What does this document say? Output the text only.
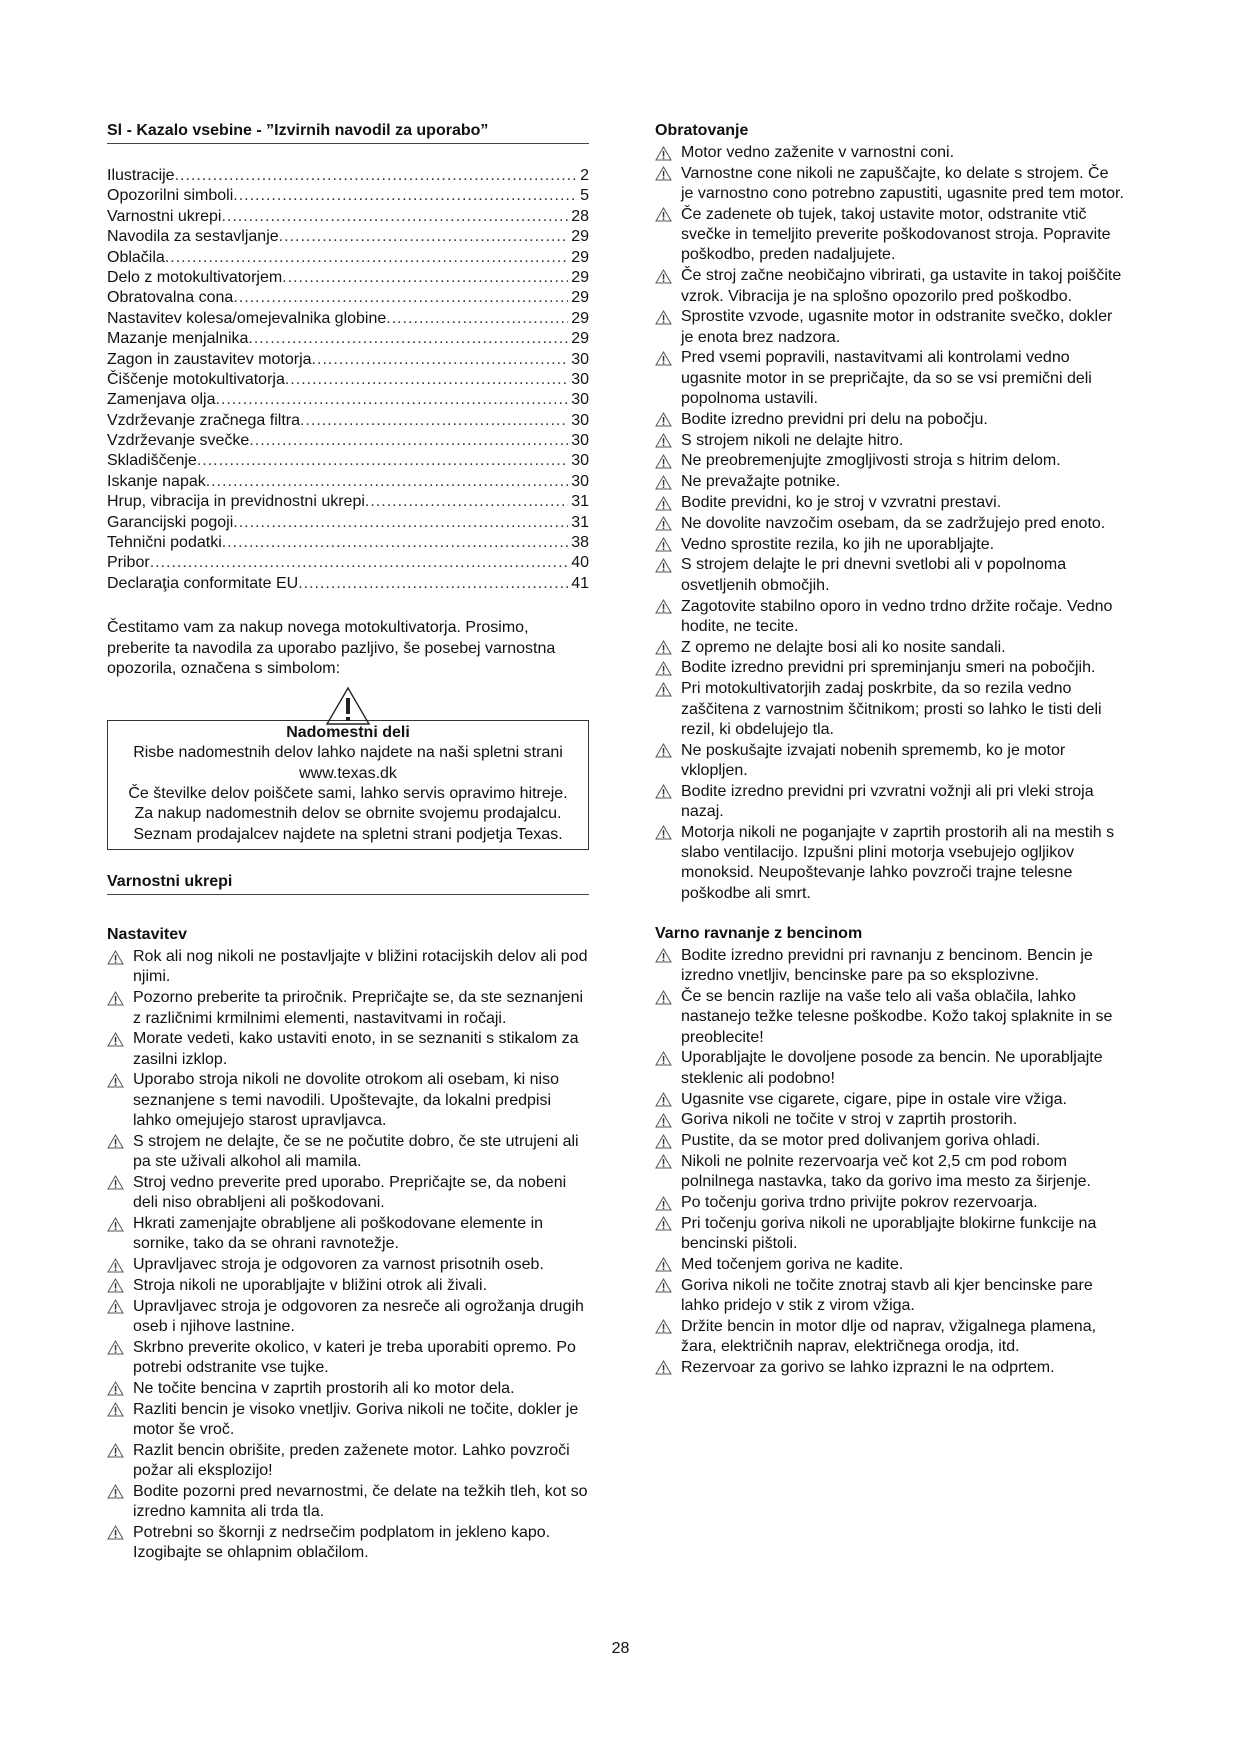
Sl - Kazalo vsebine - ”Izvirnih navodil za uporabo”
Ilustracije .....	2
Opozorilni simboli .....	5
Varnostni ukrepi .....	28
Navodila za sestavljanje .....	29
Oblačila .....	29
Delo z motokultivatorjem .....	29
Obratovalna cona .....	29
Nastavitev kolesa/omejevalnika globine .....	29
Mazanje menjalnika .....	29
Zagon in zaustavitev motorja .....	30
Čiščenje motokultivatorja .....	30
Zamenjava olja .....	30
Vzdrževanje zračnega filtra .....	30
Vzdrževanje svečke .....	30
Skladiščenje .....	30
Iskanje napak .....	30
Hrup, vibracija in previdnostni ukrepi .....	31
Garancijski pogoji .....	31
Tehnični podatki .....	38
Pribor .....	40
Declaraţia conformitate EU .....	41
Čestitamo vam za nakup novega motokultivatorja. Prosimo, preberite ta navodila za uporabo pazljivo, še posebej varnostna opozorila, označena s simbolom:
Nadomestni deli
Risbe nadomestnih delov lahko najdete na naši spletni strani www.texas.dk
Če številke delov poiščete sami, lahko servis opravimo hitreje.
Za nakup nadomestnih delov se obrnite svojemu prodajalcu. Seznam prodajalcev najdete na spletni strani podjetja Texas.
Varnostni ukrepi
Nastavitev
Rok ali nog nikoli ne postavljajte v bližini rotacijskih delov ali pod njimi.
Pozorno preberite ta priročnik. Prepričajte se, da ste seznanjeni z različnimi krmilnimi elementi, nastavitvami in ročaji.
Morate vedeti, kako ustaviti enoto, in se seznaniti s stikalom za zasilni izklop.
Uporabo stroja nikoli ne dovolite otrokom ali osebam, ki niso seznanjene s temi navodili. Upoštevajte, da lokalni predpisi lahko omejujejo starost upravljavca.
S strojem ne delajte, če se ne počutite dobro, če ste utrujeni ali pa ste uživali alkohol ali mamila.
Stroj vedno preverite pred uporabo. Prepričajte se, da nobeni deli niso obrabljeni ali poškodovani.
Hkrati zamenjajte obrabljene ali poškodovane elemente in sornike, tako da se ohrani ravnotežje.
Upravljavec stroja je odgovoren za varnost prisotnih oseb.
Stroja nikoli ne uporabljajte v bližini otrok ali živali.
Upravljavec stroja je odgovoren za nesreče ali ogrožanja drugih oseb i njihove lastnine.
Skrbno preverite okolico, v kateri je treba uporabiti opremo. Po potrebi odstranite vse tujke.
Ne točite bencina v zaprtih prostorih ali ko motor dela.
Razliti bencin je visoko vnetljiv. Goriva nikoli ne točite, dokler je motor še vroč.
Razlit bencin obrišite, preden zaženete motor. Lahko povzroči požar ali eksplozijo!
Bodite pozorni pred nevarnostmi, če delate na težkih tleh, kot so izredno kamnita ali trda tla.
Potrebni so škornji z nedrsečim podplatom in jekleno kapo. Izogibajte se ohlapnim oblačilom.
Obratovanje
Motor vedno zaženite v varnostni coni.
Varnostne cone nikoli ne zapuščajte, ko delate s strojem. Če je varnostno cono potrebno zapustiti, ugasnite pred tem motor.
Če zadenete ob tujek, takoj ustavite motor, odstranite vtič svečke in temeljito preverite poškodovanost stroja. Popravite poškodbo, preden nadaljujete.
Če stroj začne neobičajno vibrirati, ga ustavite in takoj poiščite vzrok. Vibracija je na splošno opozorilo pred poškodbo.
Sprostite vzvode, ugasnite motor in odstranite svečko, dokler je enota brez nadzora.
Pred vsemi popravili, nastavitvami ali kontrolami vedno ugasnite motor in se prepričajte, da so se vsi premični deli popolnoma ustavili.
Bodite izredno previdni pri delu na pobočju.
S strojem nikoli ne delajte hitro.
Ne preobremenjujte zmogljivosti stroja s hitrim delom.
Ne prevažajte potnike.
Bodite previdni, ko je stroj v vzvratni prestavi.
Ne dovolite navzočim osebam, da se zadržujejo pred enoto.
Vedno sprostite rezila, ko jih ne uporabljajte.
S strojem delajte le pri dnevni svetlobi ali v popolnoma osvetljenih območjih.
Zagotovite stabilno oporo in vedno trdno držite ročaje. Vedno hodite, ne tecite.
Z opremo ne delajte bosi ali ko nosite sandali.
Bodite izredno previdni pri spreminjanju smeri na pobočjih.
Pri motokultivatorjih zadaj poskrbite, da so rezila vedno zaščitena z varnostnim ščitnikom; prosti so lahko le tisti deli rezil, ki obdelujejo tla.
Ne poskušajte izvajati nobenih sprememb, ko je motor vklopljen.
Bodite izredno previdni pri vzvratni vožnji ali pri vleki stroja nazaj.
Motorja nikoli ne poganjajte v zaprtih prostorih ali na mestih s slabo ventilacijo. Izpušni plini motorja vsebujejo ogljikov monoksid. Neupoštevanje lahko povzroči trajne telesne poškodbe ali smrt.
Varno ravnanje z bencinom
Bodite izredno previdni pri ravnanju z bencinom. Bencin je izredno vnetljiv, bencinske pare pa so eksplozivne.
Če se bencin razlije na vaše telo ali vaša oblačila, lahko nastanejo težke telesne poškodbe. Kožo takoj splaknite in se preoblecite!
Uporabljajte le dovoljene posode za bencin. Ne uporabljajte steklenic ali podobno!
Ugasnite vse cigarete, cigare, pipe in ostale vire vžiga.
Goriva nikoli ne točite v stroj v zaprtih prostorih.
Pustite, da se motor pred dolivanjem goriva ohladi.
Nikoli ne polnite rezervoarja več kot 2,5 cm pod robom polnilnega nastavka, tako da gorivo ima mesto za širjenje.
Po točenju goriva trdno privijte pokrov rezervoarja.
Pri točenju goriva nikoli ne uporabljajte blokirne funkcije na bencinski pištoli.
Med točenjem goriva ne kadite.
Goriva nikoli ne točite znotraj stavb ali kjer bencinske pare lahko pridejo v stik z virom vžiga.
Držite bencin in motor dlje od naprav, vžigalnega plamena, žara, električnih naprav, električnega orodja, itd.
Rezervoar za gorivo se lahko izprazni le na odprtem.
28
